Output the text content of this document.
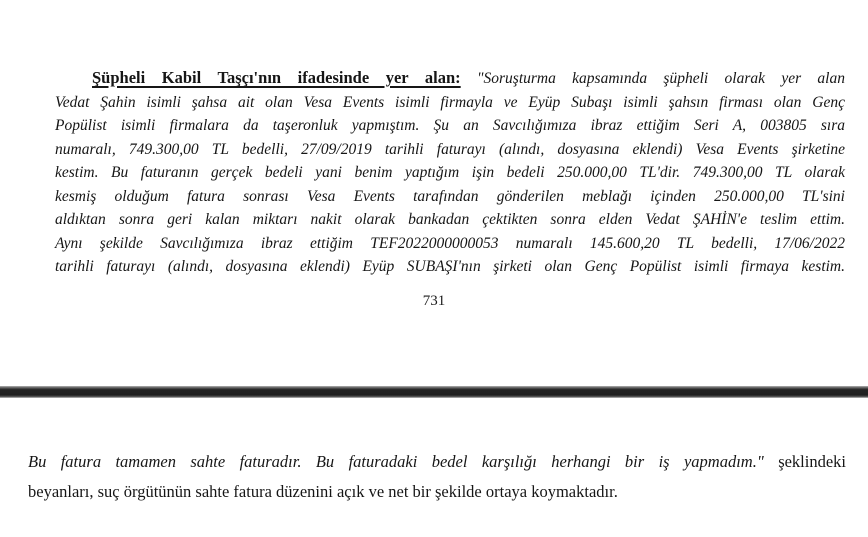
Şüpheli Kabil Taşçı'nın ifadesinde yer alan: "Soruşturma kapsamında şüpheli olarak yer alan
Vedat Şahin isimli şahsa ait olan Vesa Events isimli firmayla ve Eyüp Subaşı isimli şahsın firması olan Genç
Popülist isimli firmalara da taşeronluk yapmıştım. Şu an Savcılığımıza ibraz ettiğim Seri A, 003805 sıra
numaralı, 749.300,00 TL bedelli, 27/09/2019 tarihli faturayı (alındı, dosyasına eklendi) Vesa Events şirketine
kestim. Bu faturanın gerçek bedeli yani benim yaptığım işin bedeli 250.000,00 TL'dir. 749.300,00 TL olarak
kesmiş olduğum fatura sonrası Vesa Events tarafından gönderilen meblağı içinden 250.000,00 TL'sini
aldıktan sonra geri kalan miktarı nakit olarak bankadan çektikten sonra elden Vedat ŞAHİN'e teslim ettim.
Aynı şekilde Savcılığımıza ibraz ettiğim TEF2022000000053 numaralı 145.600,20 TL bedelli, 17/06/2022
tarihli faturayı (alındı, dosyasına eklendi) Eyüp SUBAŞI'nın şirketi olan Genç Popülist isimli firmaya kestim.
731
Bu fatura tamamen sahte faturadır. Bu faturadaki bedel karşılığı herhangi bir iş yapmadım." şeklindeki
beyanları, suç örgütünün sahte fatura düzenini açık ve net bir şekilde ortaya koymaktadır.
